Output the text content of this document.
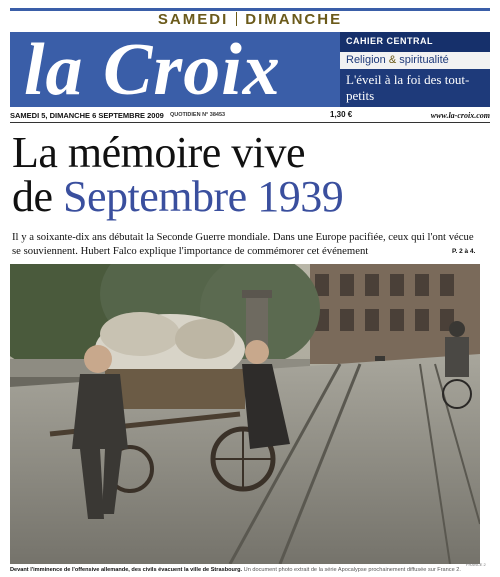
SAMEDI DIMANCHE
la Croix	CAHIER CENTRAL
Religion & spiritualité
L'éveil à la foi des tout-petits
SAMEDI 5, DIMANCHE 6 SEPTEMBRE 2009 QUOTIDIEN N° 38453	1,30 €	www.la-croix.com
La mémoire vive
de Septembre 1939
Il y a soixante-dix ans débutait la Seconde Guerre mondiale. Dans une Europe pacifiée, ceux qui l'ont vécue se souviennent. Hubert Falco explique l'importance de commémorer cet événement	P. 2 à 4.
FRANCE 2
Devant l'imminence de l'offensive allemande, des civils évacuent la ville de Strasbourg. Un document photo extrait de la série Apocalypse prochainement diffusée sur France 2.
